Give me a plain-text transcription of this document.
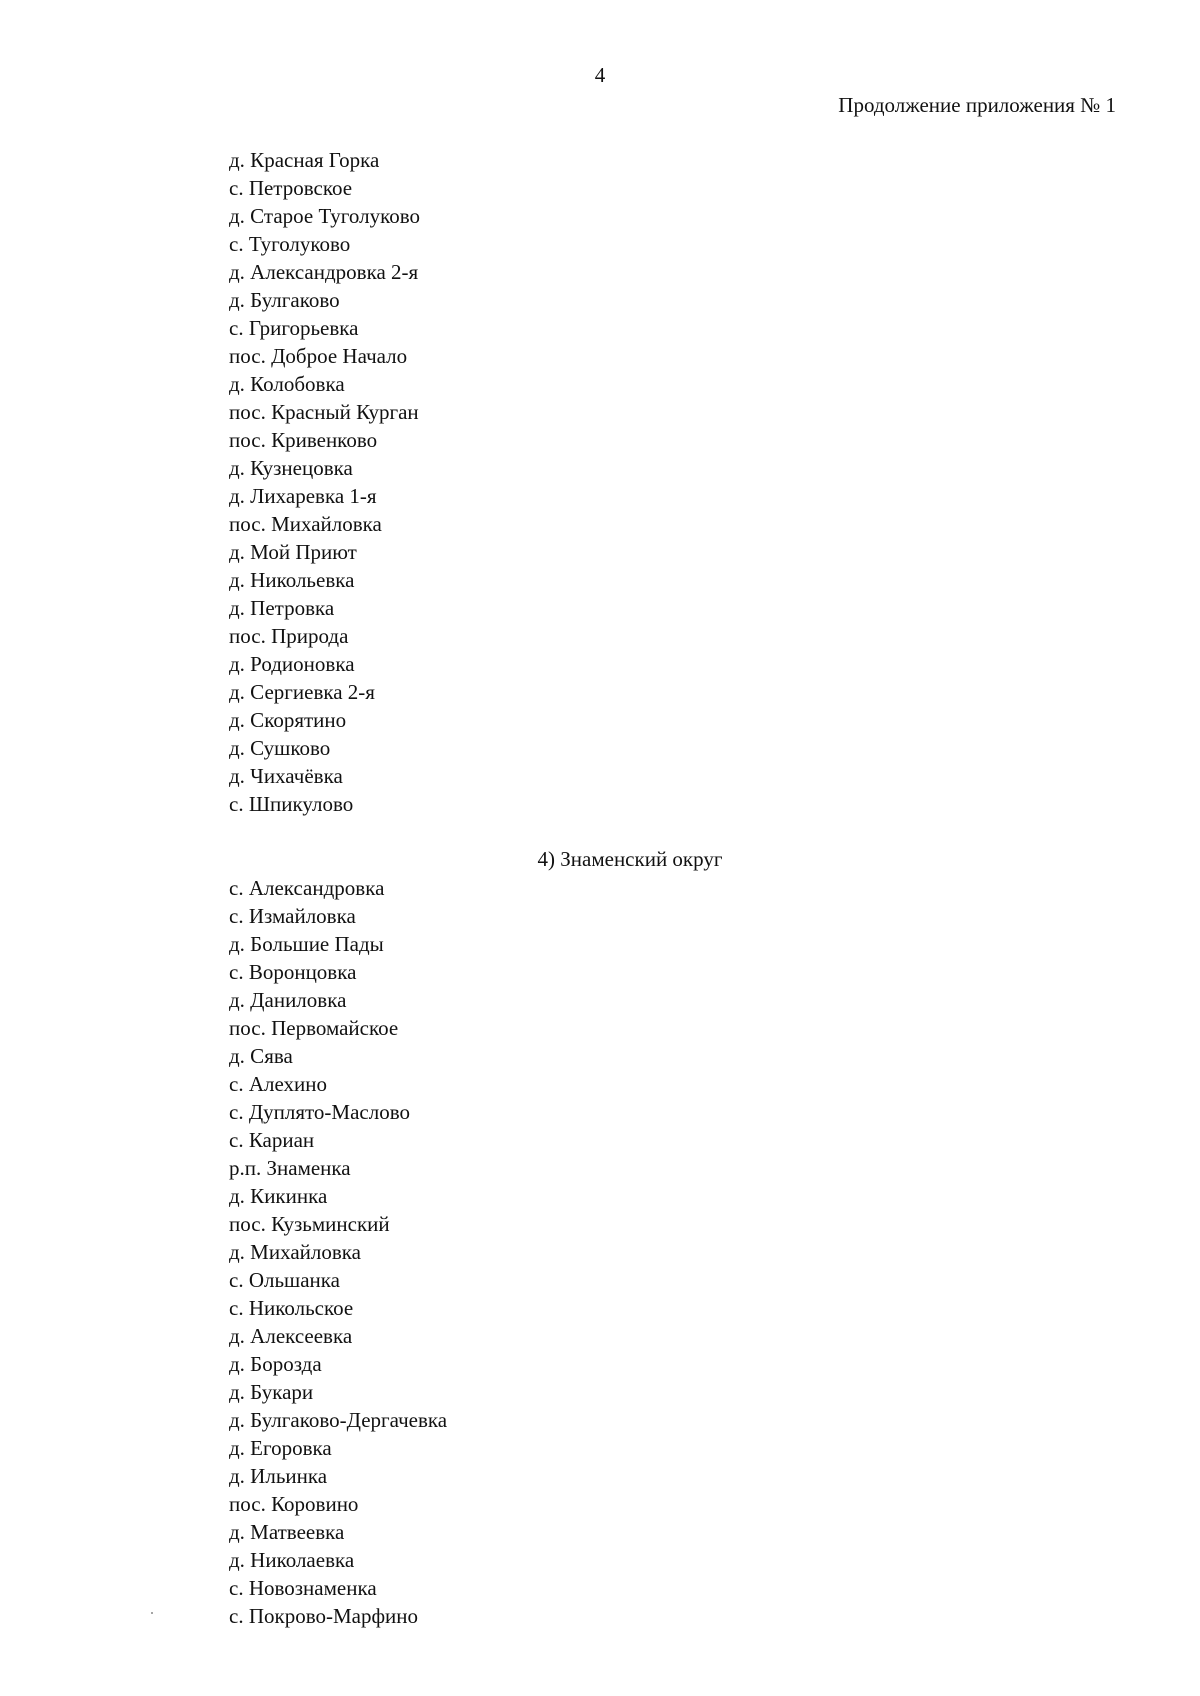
4
Продолжение приложения № 1
д. Красная Горка
с. Петровское
д. Старое Туголуково
с. Туголуково
д. Александровка 2-я
д. Булгаково
с. Григорьевка
пос. Доброе Начало
д. Колобовка
пос. Красный Курган
пос. Кривенково
д. Кузнецовка
д. Лихаревка 1-я
пос. Михайловка
д. Мой Приют
д. Никольевка
д. Петровка
пос. Природа
д. Родионовка
д. Сергиевка 2-я
д. Скорятино
д. Сушково
д. Чихачёвка
с. Шпикулово
4) Знаменский округ
с. Александровка
с. Измайловка
д. Большие Пады
с. Воронцовка
д. Даниловка
пос. Первомайское
д. Сява
с. Алехино
с. Дуплято-Маслово
с. Кариан
р.п. Знаменка
д. Кикинка
пос. Кузьминский
д. Михайловка
с. Ольшанка
с. Никольское
д. Алексеевка
д. Борозда
д. Букари
д. Булгаково-Дергачевка
д. Егоровка
д. Ильинка
пос. Коровино
д. Матвеевка
д. Николаевка
с. Новознаменка
с. Покрово-Марфино
